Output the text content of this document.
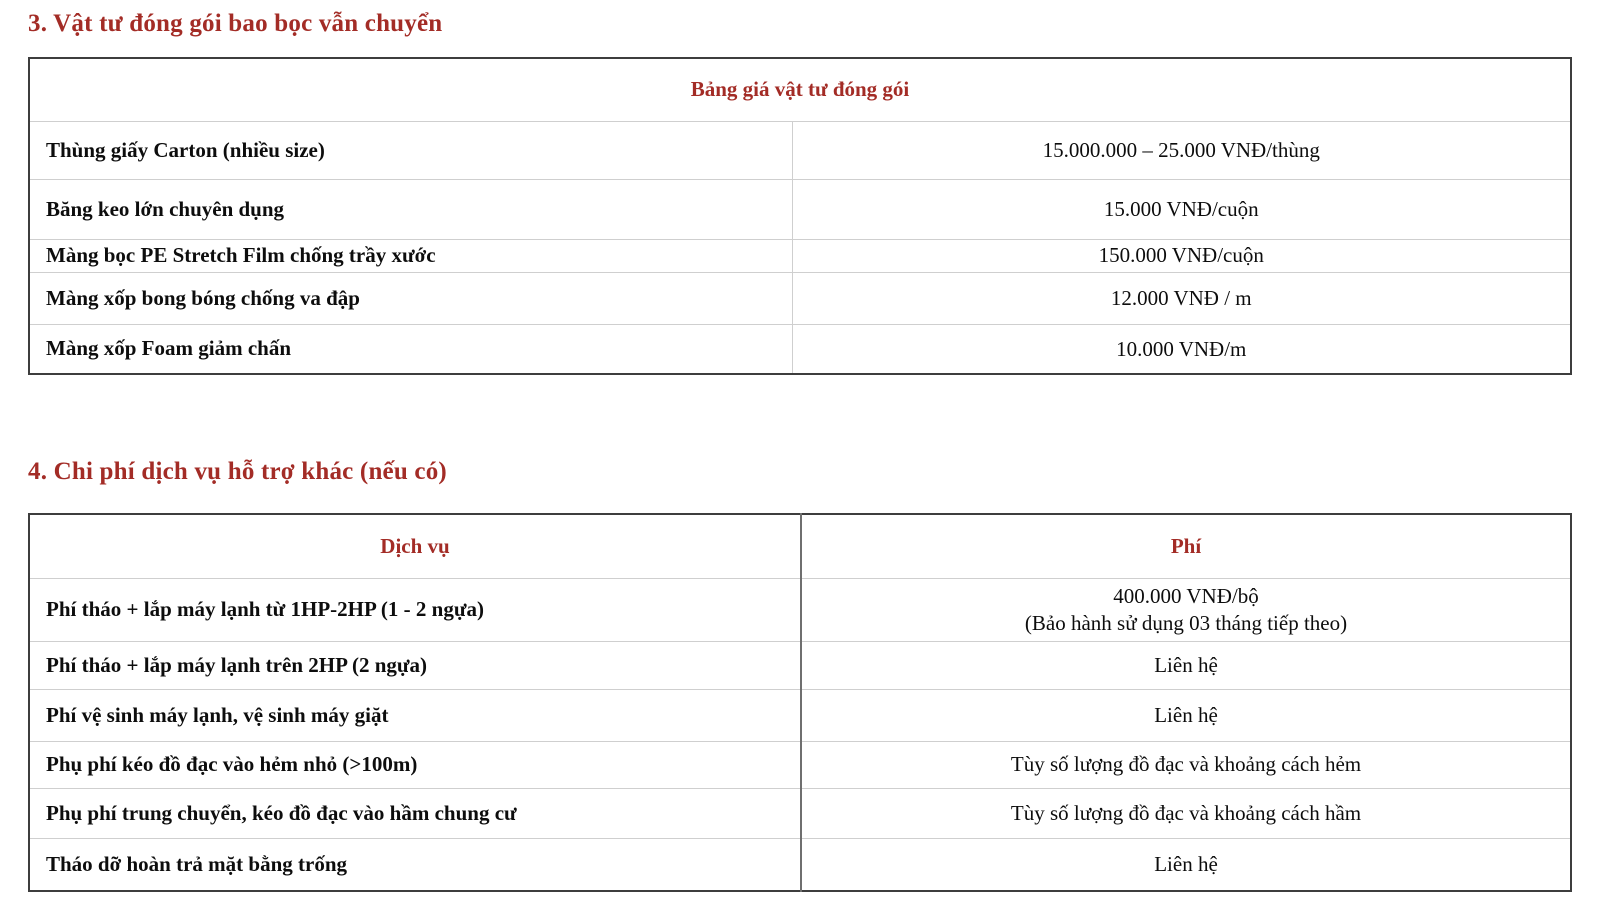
3. Vật tư đóng gói bao bọc vẫn chuyển
Bảng giá vật tư đóng gói	
Thùng giấy Carton (nhiều size)	15.000.000 – 25.000 VNĐ/thùng
Băng keo lớn chuyên dụng	15.000 VNĐ/cuộn
Màng bọc PE Stretch Film chống trầy xước	150.000 VNĐ/cuộn
Màng xốp bong bóng chống va đập	12.000 VNĐ / m
Màng xốp Foam giảm chấn	10.000 VNĐ/m
4. Chi phí dịch vụ hỗ trợ khác (nếu có)
Dịch vụ	Phí
Phí tháo + lắp máy lạnh từ 1HP-2HP (1 - 2 ngựa)	400.000 VNĐ/bộ
(Bảo hành sử dụng 03 tháng tiếp theo)

Phí tháo + lắp máy lạnh trên 2HP (2 ngựa)	Liên hệ
Phí vệ sinh máy lạnh, vệ sinh máy giặt	Liên hệ
Phụ phí kéo đồ đạc vào hẻm nhỏ (>100m)	Tùy số lượng đồ đạc và khoảng cách hẻm
Phụ phí trung chuyển, kéo đồ đạc vào hầm chung cư	Tùy số lượng đồ đạc và khoảng cách hầm
Tháo dỡ hoàn trả mặt bằng trống	Liên hệ
